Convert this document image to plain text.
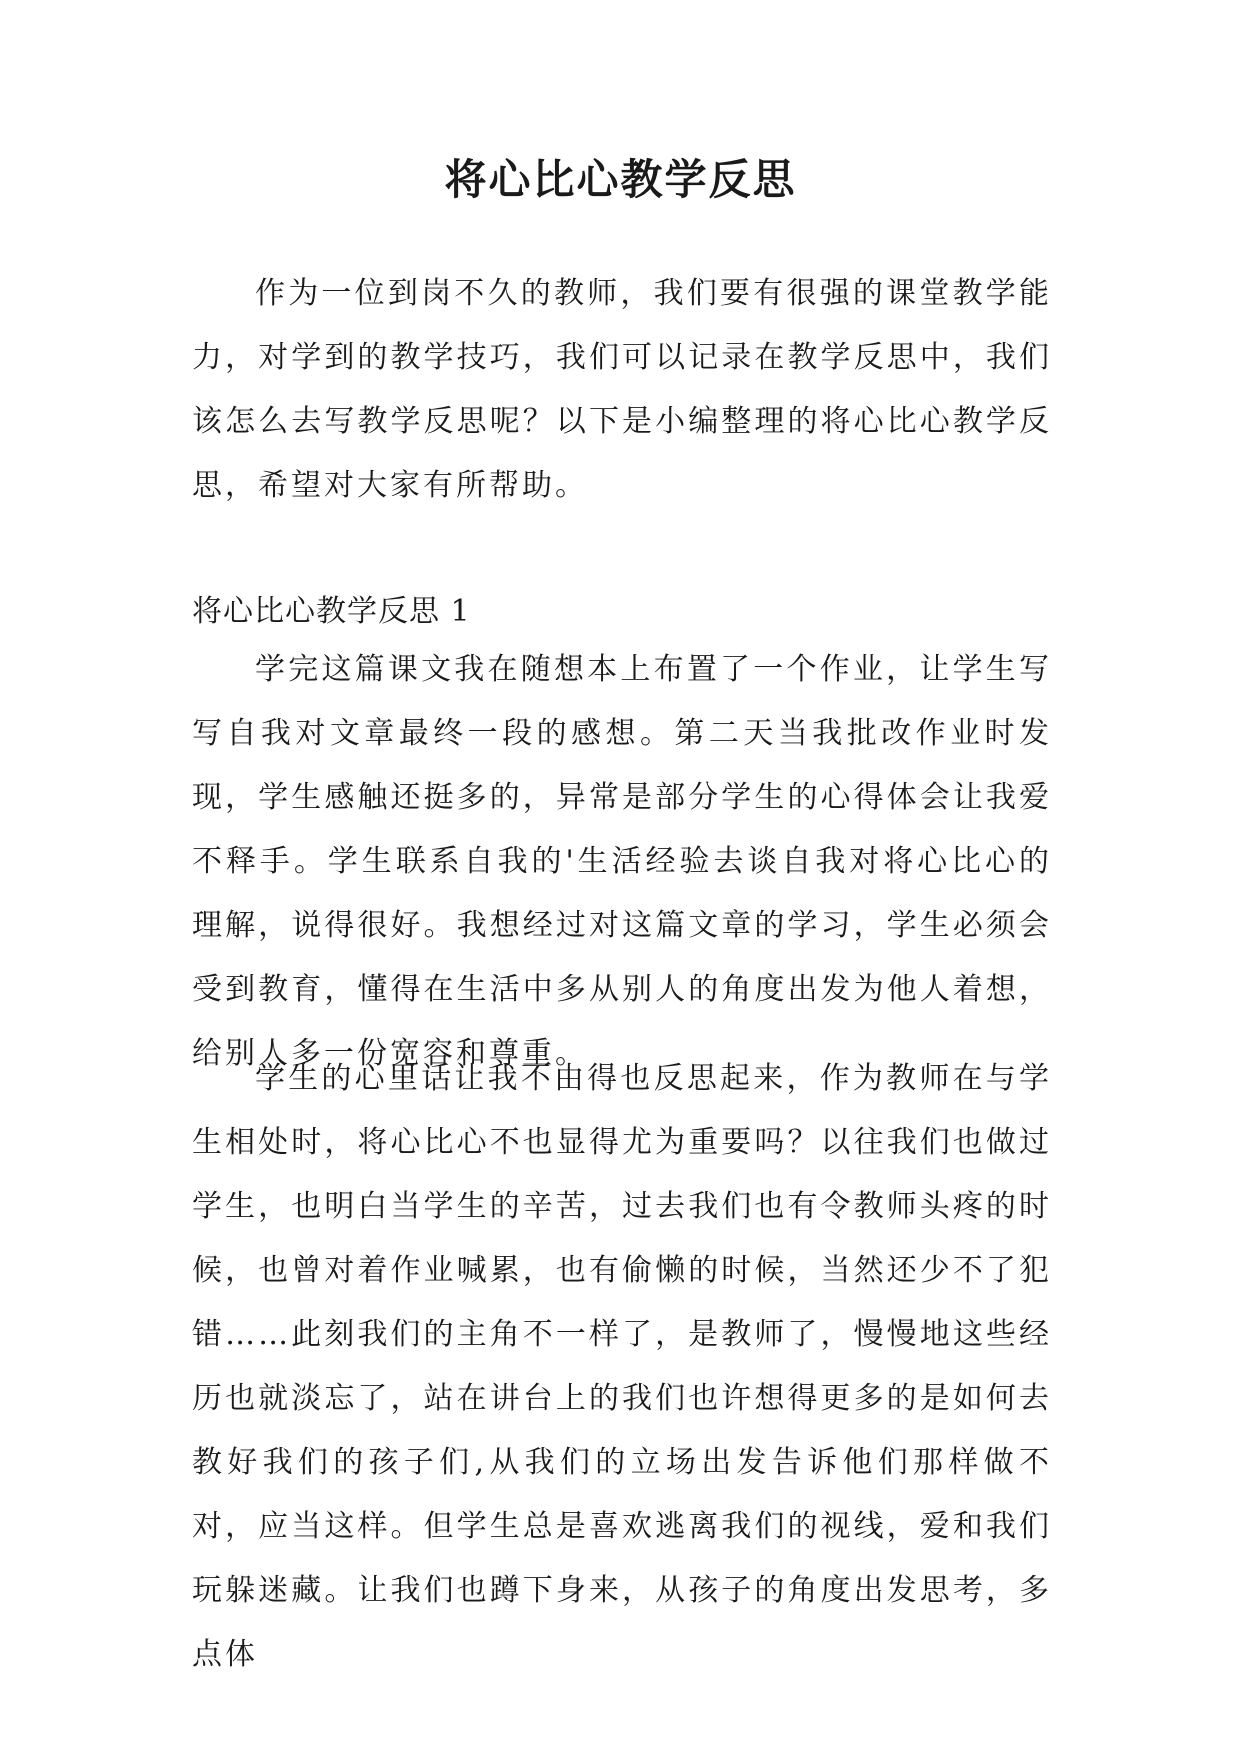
将心比心教学反思

作为一位到岗不久的教师，我们要有很强的课堂教学能力，对学到的教学技巧，我们可以记录在教学反思中，我们该怎么去写教学反思呢？以下是小编整理的将心比心教学反思，希望对大家有所帮助。

将心比心教学反思 1

学完这篇课文我在随想本上布置了一个作业，让学生写写自我对文章最终一段的感想。第二天当我批改作业时发现，学生感触还挺多的，异常是部分学生的心得体会让我爱不释手。学生联系自我的'生活经验去谈自我对将心比心的理解，说得很好。我想经过对这篇文章的学习，学生必须会受到教育，懂得在生活中多从别人的角度出发为他人着想，给别人多一份宽容和尊重。

学生的心里话让我不由得也反思起来，作为教师在与学生相处时，将心比心不也显得尤为重要吗？以往我们也做过学生，也明白当学生的辛苦，过去我们也有令教师头疼的时候，也曾对着作业喊累，也有偷懒的时候，当然还少不了犯错……此刻我们的主角不一样了，是教师了，慢慢地这些经历也就淡忘了，站在讲台上的我们也许想得更多的是如何去教好我们的孩子们,从我们的立场出发告诉他们那样做不对，应当这样。但学生总是喜欢逃离我们的视线，爱和我们玩躲迷藏。让我们也蹲下身来，从孩子的角度出发思考，多点体
